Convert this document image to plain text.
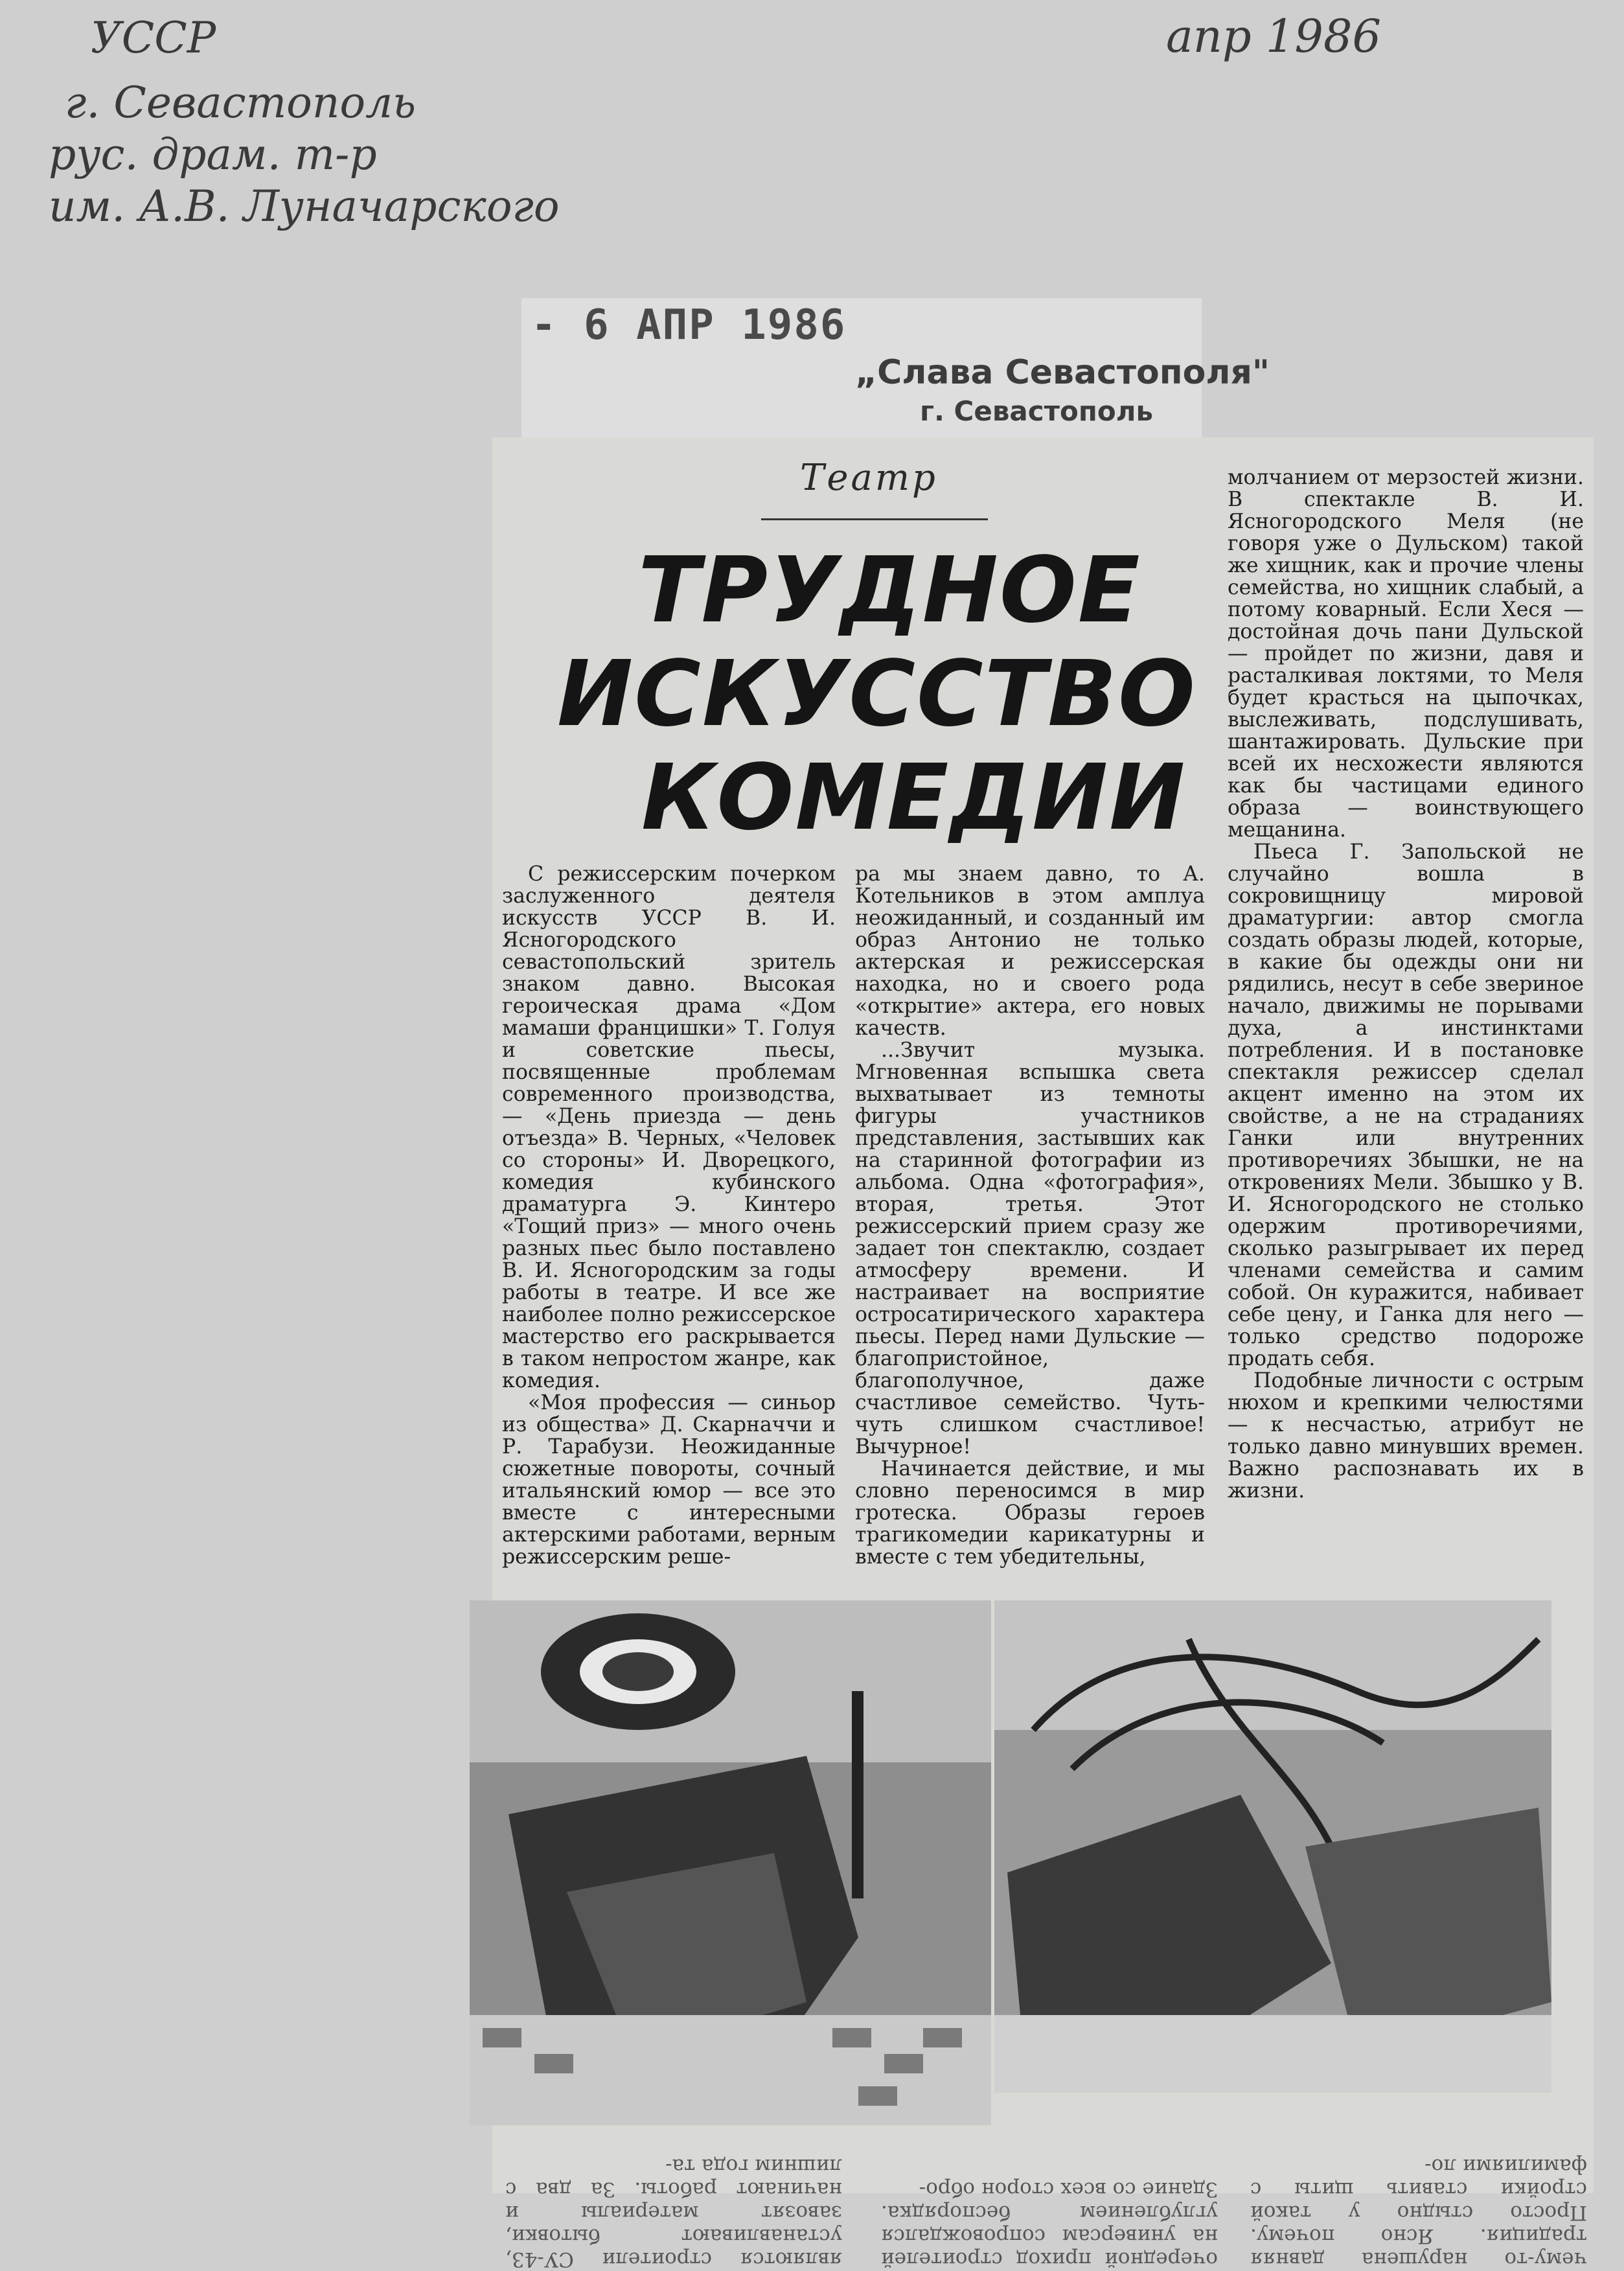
УССР
г. Севастополь
рус. драм. т-р
им. А.В. Луначарского
апр 1986
- 6 АПР 1986
„Слава Севастополя"
г. Севастополь
Театр
ТРУДНОЕ
ИСКУССТВО
КОМЕДИИ

С режиссерским почерком заслуженного деятеля искусств УССР В. И. Ясногородского севастопольский зритель знаком давно. Высокая героическая драма «Дом мамаши францишки» Т. Голуя и советские пьесы, посвященные проблемам современного производства, — «День приезда — день отъезда» В. Черных, «Человек со стороны» И. Дворецкого, комедия кубинского драматурга Э. Кинтеро «Тощий приз» — много очень разных пьес было поставлено В. И. Ясногородским за годы работы в театре. И все же наиболее полно режиссерское мастерство его раскрывается в таком непростом жанре, как комедия.

«Моя профессия — синьор из общества» Д. Скарначчи и Р. Тарабузи. Неожиданные сюжетные повороты, сочный итальянский юмор — все это вместе с интересными актерскими работами, верным режиссерским реше-

ра мы знаем давно, то А. Котельников в этом амплуа неожиданный, и созданный им образ Антонио не только актерская и режиссерская находка, но и своего рода «открытие» актера, его новых качеств.

...Звучит музыка. Мгновенная вспышка света выхватывает из темноты фигуры участников представления, застывших как на старинной фотографии из альбома. Одна «фотография», вторая, третья. Этот режиссерский прием сразу же задает тон спектаклю, создает атмосферу времени. И настраивает на восприятие остросатирического характера пьесы. Перед нами Дульские — благопристойное, благополучное, даже счастливое семейство. Чуть-чуть слишком счастливое! Вычурное!

Начинается действие, и мы словно переносимся в мир гротеска. Образы героев трагикомедии карикатурны и вместе с тем убедительны,

молчанием от мерзостей жизни. В спектакле В. И. Ясногородского Меля (не говоря уже о Дульском) такой же хищник, как и прочие члены семейства, но хищник слабый, а потому коварный. Если Хеся — достойная дочь пани Дульской — пройдет по жизни, давя и расталкивая локтями, то Меля будет красться на цыпочках, выслеживать, подслушивать, шантажировать. Дульские при всей их несхожести являются как бы частицами единого образа — воинствующего мещанина.

Пьеса Г. Запольской не случайно вошла в сокровищницу мировой драматургии: автор смогла создать образы людей, которые, в какие бы одежды они ни рядились, несут в себе звериное начало, движимы не порывами духа, а инстинктами потребления. И в постановке спектакля режиссер сделал акцент именно на этом их свойстве, а не на страданиях Ганки или внутренних противоречиях Збышки, не на откровениях Мели. Збышко у В. И. Ясногородского не столько одержим противоречиями, сколько разыгрывает их перед членами семейства и самим собой. Он куражится, набивает себе цену, и Ганка для него — только средство подороже продать себя.

Подобные личности с острым нюхом и крепкими челюстями — к несчастью, атрибут не только давно минувших времен. Важно распознавать их в жизни.

чему-то нарушена давняя традиция. Ясно почему. Просто стыдно у такой стройки ставить щиты с фамилиями ло-
очередной приход строителей на универсам сопровождался углублением беспорядка. Здание со всех сторон обро-
являются строители СУ-43, устанавливают бытовки, завозят материалы и начинают работы. За два с лишним года та-
